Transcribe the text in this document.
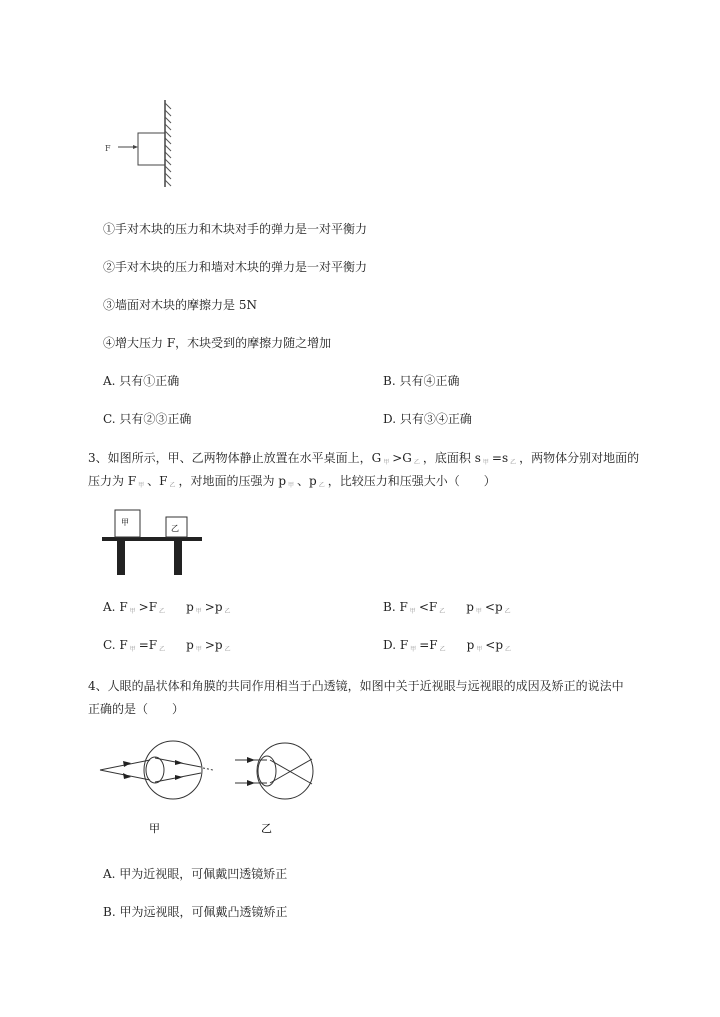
F
①手对木块的压力和木块对手的弹力是一对平衡力
②手对木块的压力和墙对木块的弹力是一对平衡力
③墙面对木块的摩擦力是 5N
④增大压力 F，木块受到的摩擦力随之增加
A. 只有①正确	B. 只有④正确
C. 只有②③正确	D. 只有③④正确
3、如图所示，甲、乙两物体静止放置在水平桌面上，G $_甲$ >G $_乙$ ，底面积 s $_甲$ =s $_乙$ ，两物体分别对地面的
压力为 F $_甲$ 、F $_乙$ ，对地面的压强为 p $_甲$ 、p $_乙$ ，比较压力和压强大小（　　）
甲
乙
A. F $_甲$ >F $_乙$   p $_甲$ >p $_乙$	B. F $_甲$ <F $_乙$   p $_甲$ <p $_乙$
C. F $_甲$ =F $_乙$   p $_甲$ >p $_乙$	D. F $_甲$ =F $_乙$   p $_甲$ <p $_乙$
4、人眼的晶状体和角膜的共同作用相当于凸透镜，如图中关于近视眼与远视眼的成因及矫正的说法中
正确的是（　　）
甲	乙
A. 甲为近视眼，可佩戴凹透镜矫正
B. 甲为远视眼，可佩戴凸透镜矫正
